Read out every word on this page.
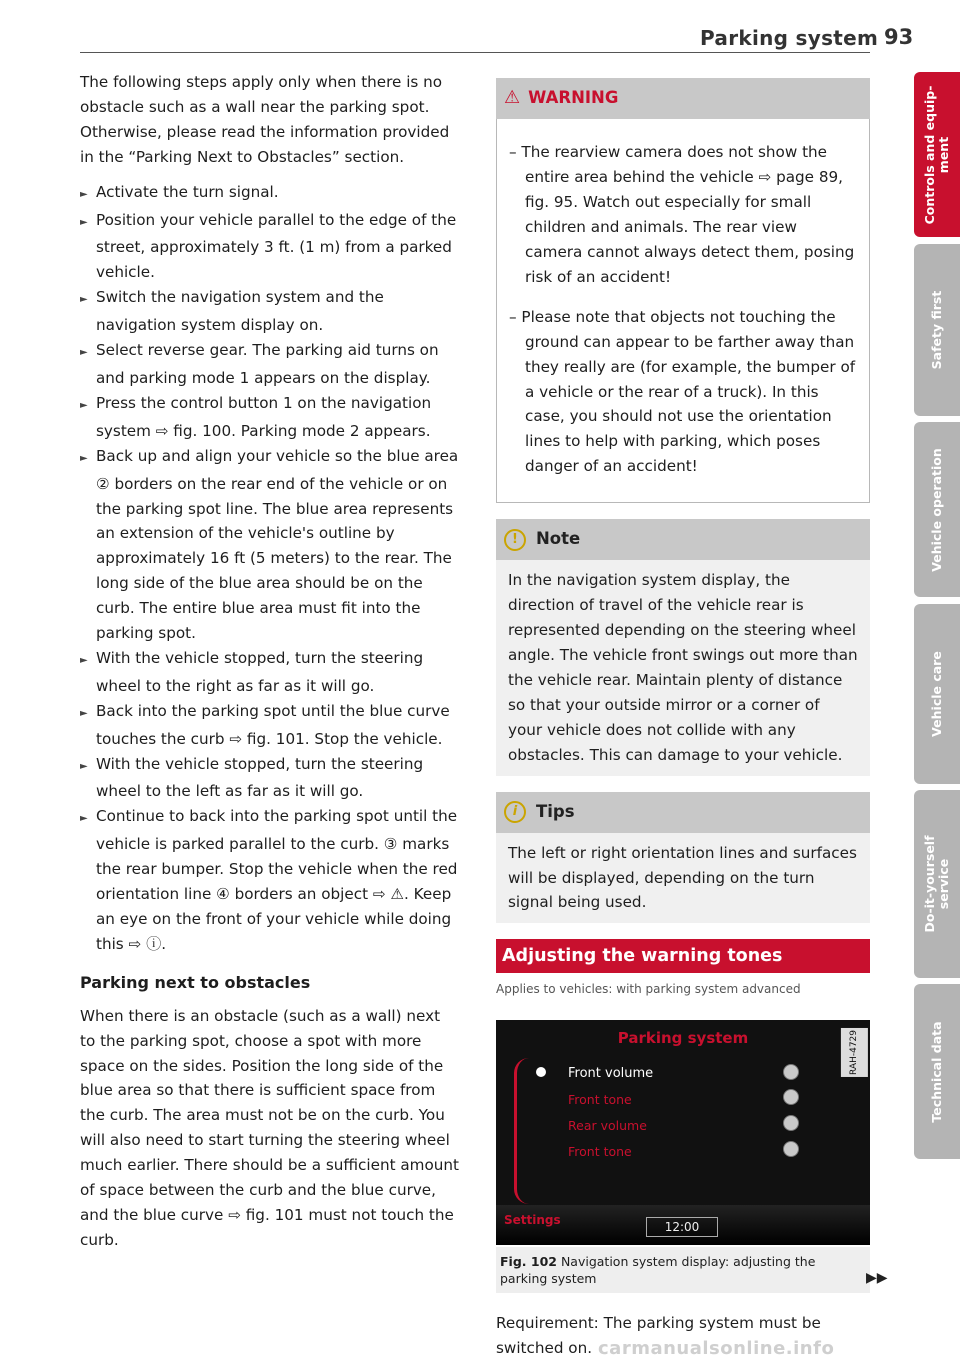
Parking system 93

The following steps apply only when there is no obstacle such as a wall near the parking spot. Otherwise, please read the information provided in the “Parking Next to Obstacles” section.

► Activate the turn signal.

► Position your vehicle parallel to the edge of the street, approximately 3 ft. (1 m) from a parked vehicle.

► Switch the navigation system and the navigation system display on.

► Select reverse gear. The parking aid turns on and parking mode 1 appears on the display.

► Press the control button 1 on the navigation system ⇨ fig. 100. Parking mode 2 appears.

► Back up and align your vehicle so the blue area ② borders on the rear end of the vehicle or on the parking spot line. The blue area represents an extension of the vehicle's outline by approximately 16 ft (5 meters) to the rear. The long side of the blue area should be on the curb. The entire blue area must fit into the parking spot.

► With the vehicle stopped, turn the steering wheel to the right as far as it will go.

► Back into the parking spot until the blue curve touches the curb ⇨ fig. 101. Stop the vehicle.

► With the vehicle stopped, turn the steering wheel to the left as far as it will go.

► Continue to back into the parking spot until the vehicle is parked parallel to the curb. ③ marks the rear bumper. Stop the vehicle when the red orientation line ④ borders an object ⇨ ⚠. Keep an eye on the front of your vehicle while doing this ⇨ ⓘ.

Parking next to obstacles

When there is an obstacle (such as a wall) next to the parking spot, choose a spot with more space on the sides. Position the long side of the blue area so that there is sufficient space from the curb. The area must not be on the curb. You will also need to start turning the steering wheel much earlier. There should be a sufficient amount of space between the curb and the blue curve, and the blue curve ⇨ fig. 101 must not touch the curb.

⚠ WARNING

– The rearview camera does not show the entire area behind the vehicle ⇨ page 89, fig. 95. Watch out especially for small children and animals. The rear view camera cannot always detect them, posing risk of an accident!

– Please note that objects not touching the ground can appear to be farther away than they really are (for example, the bumper of a vehicle or the rear of a truck). In this case, you should not use the orientation lines to help with parking, which poses danger of an accident!

!	Note

In the navigation system display, the direction of travel of the vehicle rear is represented depending on the steering wheel angle. The vehicle front swings out more than the vehicle rear. Maintain plenty of distance so that your outside mirror or a corner of your vehicle does not collide with any obstacles. This can damage to your vehicle.

i	Tips

The left or right orientation lines and surfaces will be displayed, depending on the turn signal being used.

Adjusting the warning tones
Applies to vehicles: with parking system advanced
Parking system
Front volume
Front tone
Rear volume
Front tone
Settings	12:00
RAH-4729
Fig. 102 Navigation system display: adjusting the parking system

Requirement: The parking system must be switched on.

▶▶
Controls and equip-
ment
Safety first
Vehicle operation
Vehicle care
Do-it-yourself
service
Technical data
carmanualsonline.info
